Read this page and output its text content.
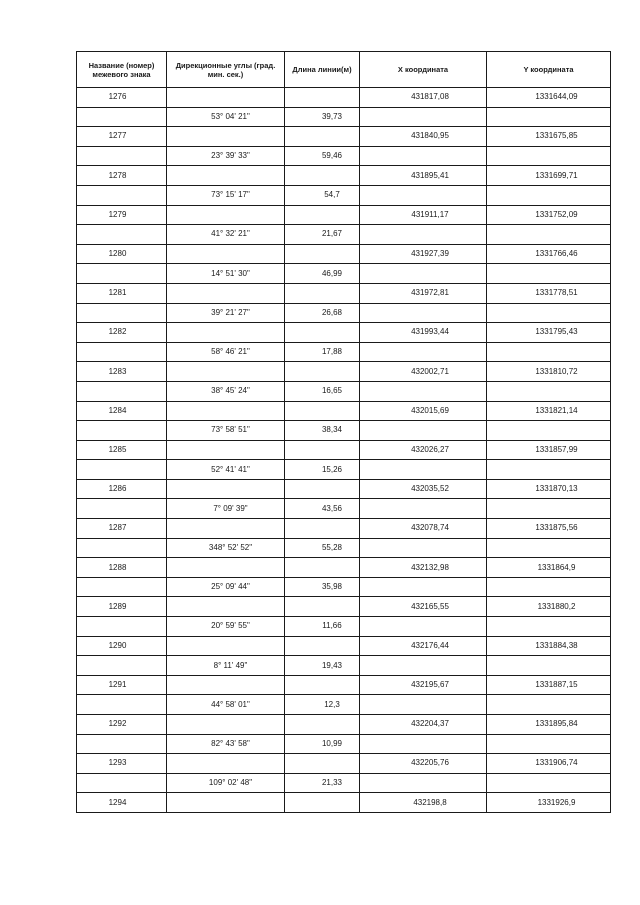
Название (номер) межевого знака	Дирекционные углы (град. мин. сек.)	Длина линии(м)	X координата	Y координата
1276			431817,08	1331644,09
	53° 04' 21"	39,73		
1277			431840,95	1331675,85
	23° 39' 33"	59,46		
1278			431895,41	1331699,71
	73° 15' 17"	54,7		
1279			431911,17	1331752,09
	41° 32' 21"	21,67		
1280			431927,39	1331766,46
	14° 51' 30"	46,99		
1281			431972,81	1331778,51
	39° 21' 27"	26,68		
1282			431993,44	1331795,43
	58° 46' 21"	17,88		
1283			432002,71	1331810,72
	38° 45' 24"	16,65		
1284			432015,69	1331821,14
	73° 58' 51"	38,34		
1285			432026,27	1331857,99
	52° 41' 41"	15,26		
1286			432035,52	1331870,13
	7° 09' 39"	43,56		
1287			432078,74	1331875,56
	348° 52' 52"	55,28		
1288			432132,98	1331864,9
	25° 09' 44"	35,98		
1289			432165,55	1331880,2
	20° 59' 55"	11,66		
1290			432176,44	1331884,38
	8° 11' 49"	19,43		
1291			432195,67	1331887,15
	44° 58' 01"	12,3		
1292			432204,37	1331895,84
	82° 43' 58"	10,99		
1293			432205,76	1331906,74
	109° 02' 48"	21,33		
1294			432198,8	1331926,9
